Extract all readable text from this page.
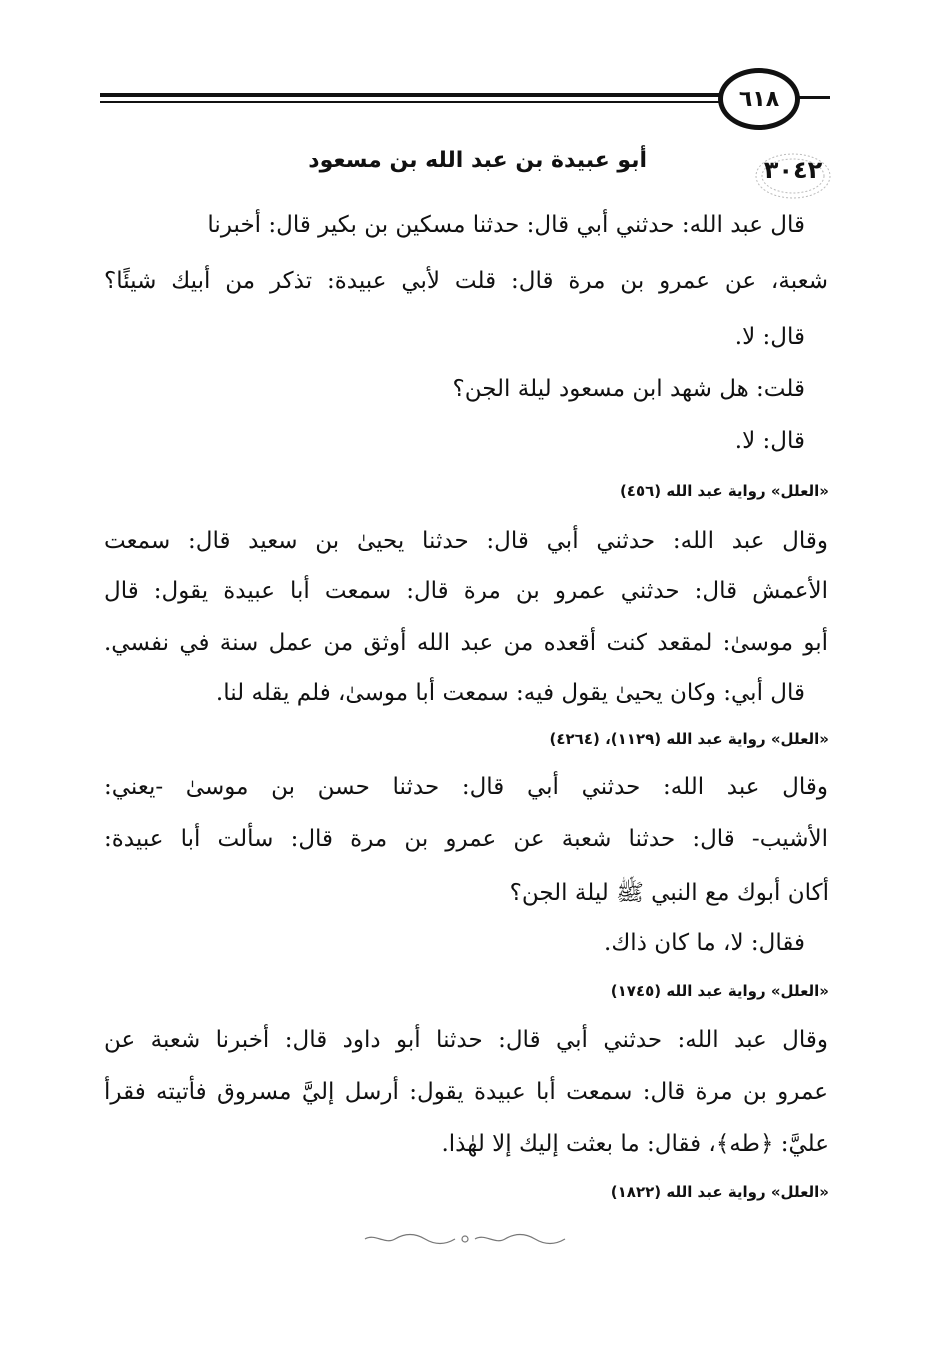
٦١٨
٣٠٤٢
أبو عبيدة بن عبد الله بن مسعود
قال عبد الله: حدثني أبي قال: حدثنا مسكين بن بكير قال: أخبرنا
شعبة، عن عمرو بن مرة قال: قلت لأبي عبيدة: تذكر من أبيك شيئًا؟
قال: لا.
قلت: هل شهد ابن مسعود ليلة الجن؟
قال: لا.
«العلل» رواية عبد الله (٤٥٦)
وقال عبد الله: حدثني أبي قال: حدثنا يحيىٰ بن سعيد قال: سمعت
الأعمش قال: حدثني عمرو بن مرة قال: سمعت أبا عبيدة يقول: قال
أبو موسىٰ: لمقعد كنت أقعده من عبد الله أوثق من عمل سنة في نفسي.
قال أبي: وكان يحيىٰ يقول فيه: سمعت أبا موسىٰ، فلم يقله لنا.
«العلل» رواية عبد الله (١١٢٩)، (٤٢٦٤)
وقال عبد الله: حدثني أبي قال: حدثنا حسن بن موسىٰ -يعني:
الأشيب- قال: حدثنا شعبة عن عمرو بن مرة قال: سألت أبا عبيدة:
أكان أبوك مع النبي ﷺ ليلة الجن؟
فقال: لا، ما كان ذاك.
«العلل» رواية عبد الله (١٧٤٥)
وقال عبد الله: حدثني أبي قال: حدثنا أبو داود قال: أخبرنا شعبة عن
عمرو بن مرة قال: سمعت أبا عبيدة يقول: أرسل إليَّ مسروق فأتيته فقرأ
عليَّ: ﴿طه﴾، فقال: ما بعثت إليك إلا لهٰذا.
«العلل» رواية عبد الله (١٨٢٢)
